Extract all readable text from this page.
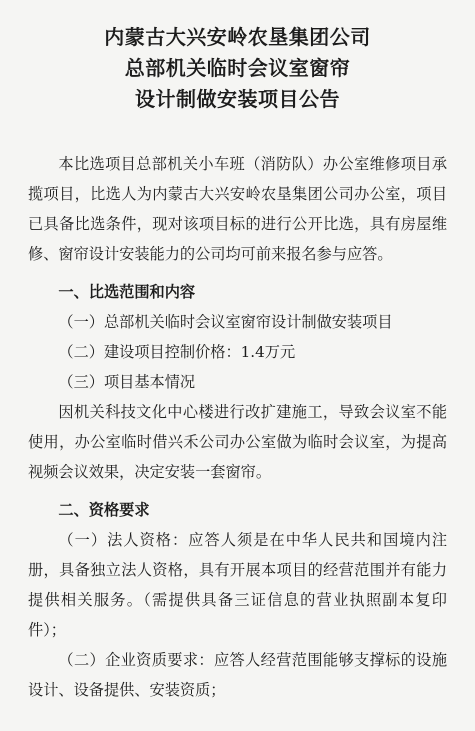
内蒙古大兴安岭农垦集团公司
总部机关临时会议室窗帘
设计制做安装项目公告

本比选项目总部机关小车班（消防队）办公室维修项目承揽项目，比选人为内蒙古大兴安岭农垦集团公司办公室，项目已具备比选条件，现对该项目标的进行公开比选，具有房屋维修、窗帘设计安装能力的公司均可前来报名参与应答。

一、比选范围和内容

（一）总部机关临时会议室窗帘设计制做安装项目

（二）建设项目控制价格：1.4万元

（三）项目基本情况

因机关科技文化中心楼进行改扩建施工，导致会议室不能使用，办公室临时借兴禾公司办公室做为临时会议室，为提高视频会议效果，决定安装一套窗帘。

二、资格要求

（一）法人资格：应答人须是在中华人民共和国境内注册，具备独立法人资格，具有开展本项目的经营范围并有能力提供相关服务。（需提供具备三证信息的营业执照副本复印件）；

（二）企业资质要求：应答人经营范围能够支撑标的设施设计、设备提供、安装资质；
